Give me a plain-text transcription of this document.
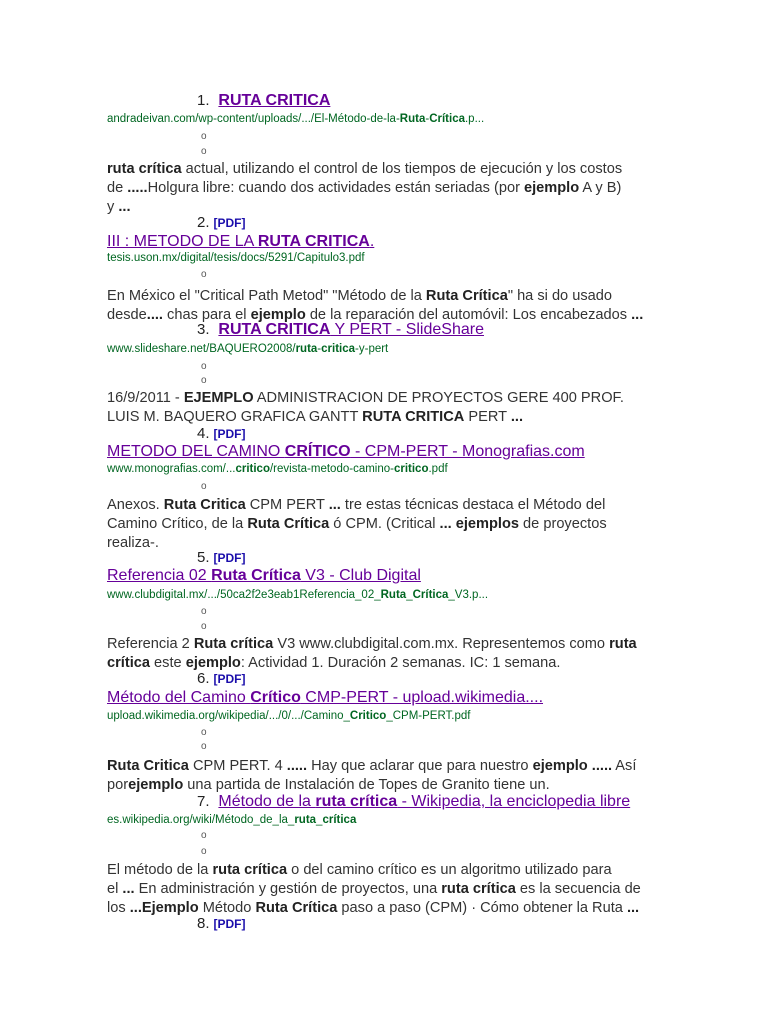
1. RUTA CRITICA
andradeivan.com/wp-content/uploads/.../El-Método-de-la-Ruta-Crítica.p...
o
o
ruta crítica actual, utilizando el control de los tiempos de ejecución y los costos
de .....Holgura libre: cuando dos actividades están seriadas (por ejemplo A y B)
y ...
2. [PDF]
III : METODO DE LA RUTA CRITICA.
tesis.uson.mx/digital/tesis/docs/5291/Capitulo3.pdf
o
En México el "Critical Path Metod" "Método de la Ruta Crítica" ha si do usado
desde.... chas para el ejemplo de la reparación del automóvil: Los encabezados ...
3. RUTA CRITICA Y PERT - SlideShare
www.slideshare.net/BAQUERO2008/ruta-critica-y-pert
o
o
16/9/2011 - EJEMPLO ADMINISTRACION DE PROYECTOS GERE 400 PROF.
LUIS M. BAQUERO GRAFICA GANTT RUTA CRITICA PERT ...
4. [PDF]
METODO DEL CAMINO CRÍTICO - CPM-PERT - Monografias.com
www.monografias.com/...critico/revista-metodo-camino-critico.pdf
o
Anexos. Ruta Critica CPM PERT ... tre estas técnicas destaca el Método del
Camino Crítico, de la Ruta Crítica ó CPM. (Critical ... ejemplos de proyectos
realiza-.
5. [PDF]
Referencia 02 Ruta Crítica V3 - Club Digital
www.clubdigital.mx/.../50ca2f2e3eab1Referencia_02_Ruta_Crítica_V3.p...
o
o
Referencia 2 Ruta crítica V3 www.clubdigital.com.mx. Representemos como ruta
crítica este ejemplo: Actividad 1. Duración 2 semanas. IC: 1 semana.
6. [PDF]
Método del Camino Crítico CMP-PERT - upload.wikimedia....
upload.wikimedia.org/wikipedia/.../0/.../Camino_Critico_CPM-PERT.pdf
o
o
Ruta Critica CPM PERT. 4 ..... Hay que aclarar que para nuestro ejemplo ..... Así
porejemplo una partida de Instalación de Topes de Granito tiene un.
7. Método de la ruta crítica - Wikipedia, la enciclopedia libre
es.wikipedia.org/wiki/Método_de_la_ruta_crítica
o
o
El método de la ruta crítica o del camino crítico es un algoritmo utilizado para
el ... En administración y gestión de proyectos, una ruta crítica es la secuencia de
los ...Ejemplo Método Ruta Crítica paso a paso (CPM) · Cómo obtener la Ruta ...
8. [PDF]
